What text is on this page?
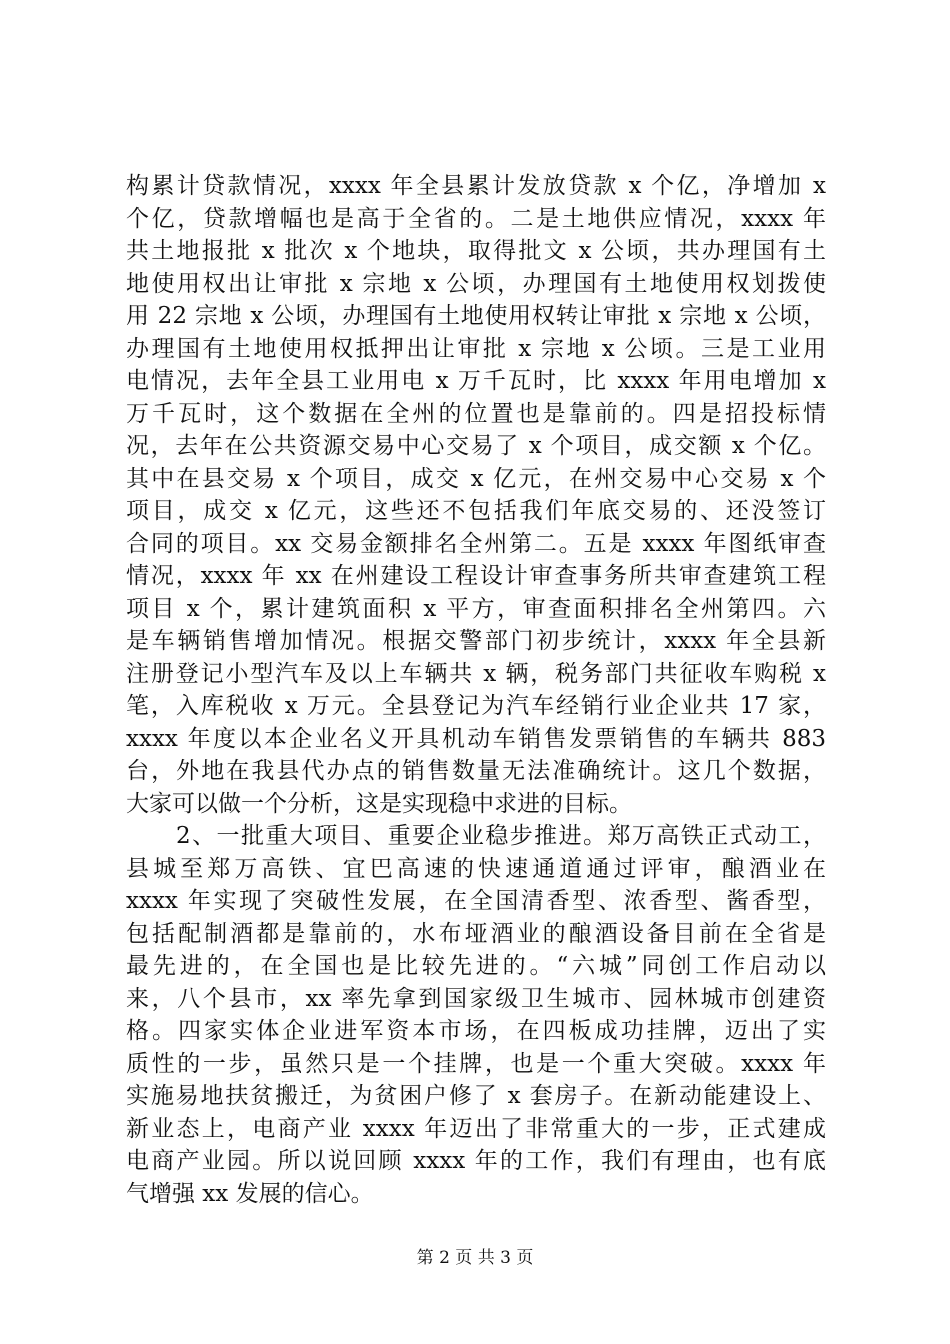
构累计贷款情况，xxxx 年全县累计发放贷款 x 个亿，净增加 x
个亿，贷款增幅也是高于全省的。二是土地供应情况，xxxx 年
共土地报批 x 批次 x 个地块，取得批文 x 公顷，共办理国有土
地使用权出让审批 x 宗地 x 公顷，办理国有土地使用权划拨使
用 22 宗地 x 公顷，办理国有土地使用权转让审批 x 宗地 x 公顷，
办理国有土地使用权抵押出让审批 x 宗地 x 公顷。三是工业用
电情况，去年全县工业用电 x 万千瓦时，比 xxxx 年用电增加 x
万千瓦时，这个数据在全州的位置也是靠前的。四是招投标情
况，去年在公共资源交易中心交易了 x 个项目，成交额 x 个亿。
其中在县交易 x 个项目，成交 x 亿元，在州交易中心交易 x 个
项目，成交 x 亿元，这些还不包括我们年底交易的、还没签订
合同的项目。xx 交易金额排名全州第二。五是 xxxx 年图纸审查
情况，xxxx 年 xx 在州建设工程设计审查事务所共审查建筑工程
项目 x 个，累计建筑面积 x 平方，审查面积排名全州第四。六
是车辆销售增加情况。根据交警部门初步统计，xxxx 年全县新
注册登记小型汽车及以上车辆共 x 辆，税务部门共征收车购税 x
笔，入库税收 x 万元。全县登记为汽车经销行业企业共 17 家，
xxxx 年度以本企业名义开具机动车销售发票销售的车辆共 883
台，外地在我县代办点的销售数量无法准确统计。这几个数据，
大家可以做一个分析，这是实现稳中求进的目标。
2、一批重大项目、重要企业稳步推进。郑万高铁正式动工，
县城至郑万高铁、宜巴高速的快速通道通过评审，酿酒业在
xxxx 年实现了突破性发展，在全国清香型、浓香型、酱香型，
包括配制酒都是靠前的，水布垭酒业的酿酒设备目前在全省是
最先进的，在全国也是比较先进的。“六城”同创工作启动以
来，八个县市，xx 率先拿到国家级卫生城市、园林城市创建资
格。四家实体企业进军资本市场，在四板成功挂牌，迈出了实
质性的一步，虽然只是一个挂牌，也是一个重大突破。xxxx 年
实施易地扶贫搬迁，为贫困户修了 x 套房子。在新动能建设上、
新业态上，电商产业 xxxx 年迈出了非常重大的一步，正式建成
电商产业园。所以说回顾 xxxx 年的工作，我们有理由，也有底
气增强 xx 发展的信心。
第 2 页 共 3 页
